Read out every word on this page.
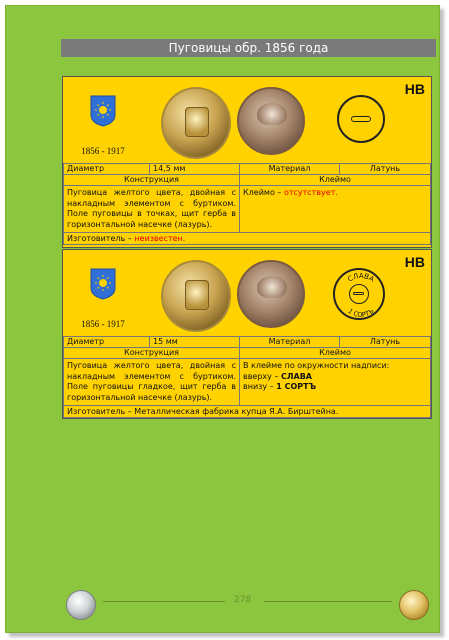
Пуговицы обр. 1856 года
1856 - 1917
НВ
Диаметр	14,5 мм	Материал	Латунь
Конструкция		Клеймо	
Пуговица желтого цвета, двойная с накладным элементом с буртиком. Поле пуговицы в точках, щит герба в горизонтальной насечке (лазурь).		Клеймо – отсутствует.	
Изготовитель – неизвестен.			
1856 - 1917
СЛАВА
1 СОРТЪ
НВ
Диаметр	15 мм	Материал	Латунь
Конструкция		Клеймо	
Пуговица желтого цвета, двойная с накладным элементом с буртиком. Поле пуговицы гладкое, щит герба в горизонтальной насечке (лазурь).		В клейме по окружности надписи:
вверху – СЛАВА
внизу – 1 СОРТЪ	

Изготовитель – Металлическая фабрика купца Я.А. Бирштейна.			
278
